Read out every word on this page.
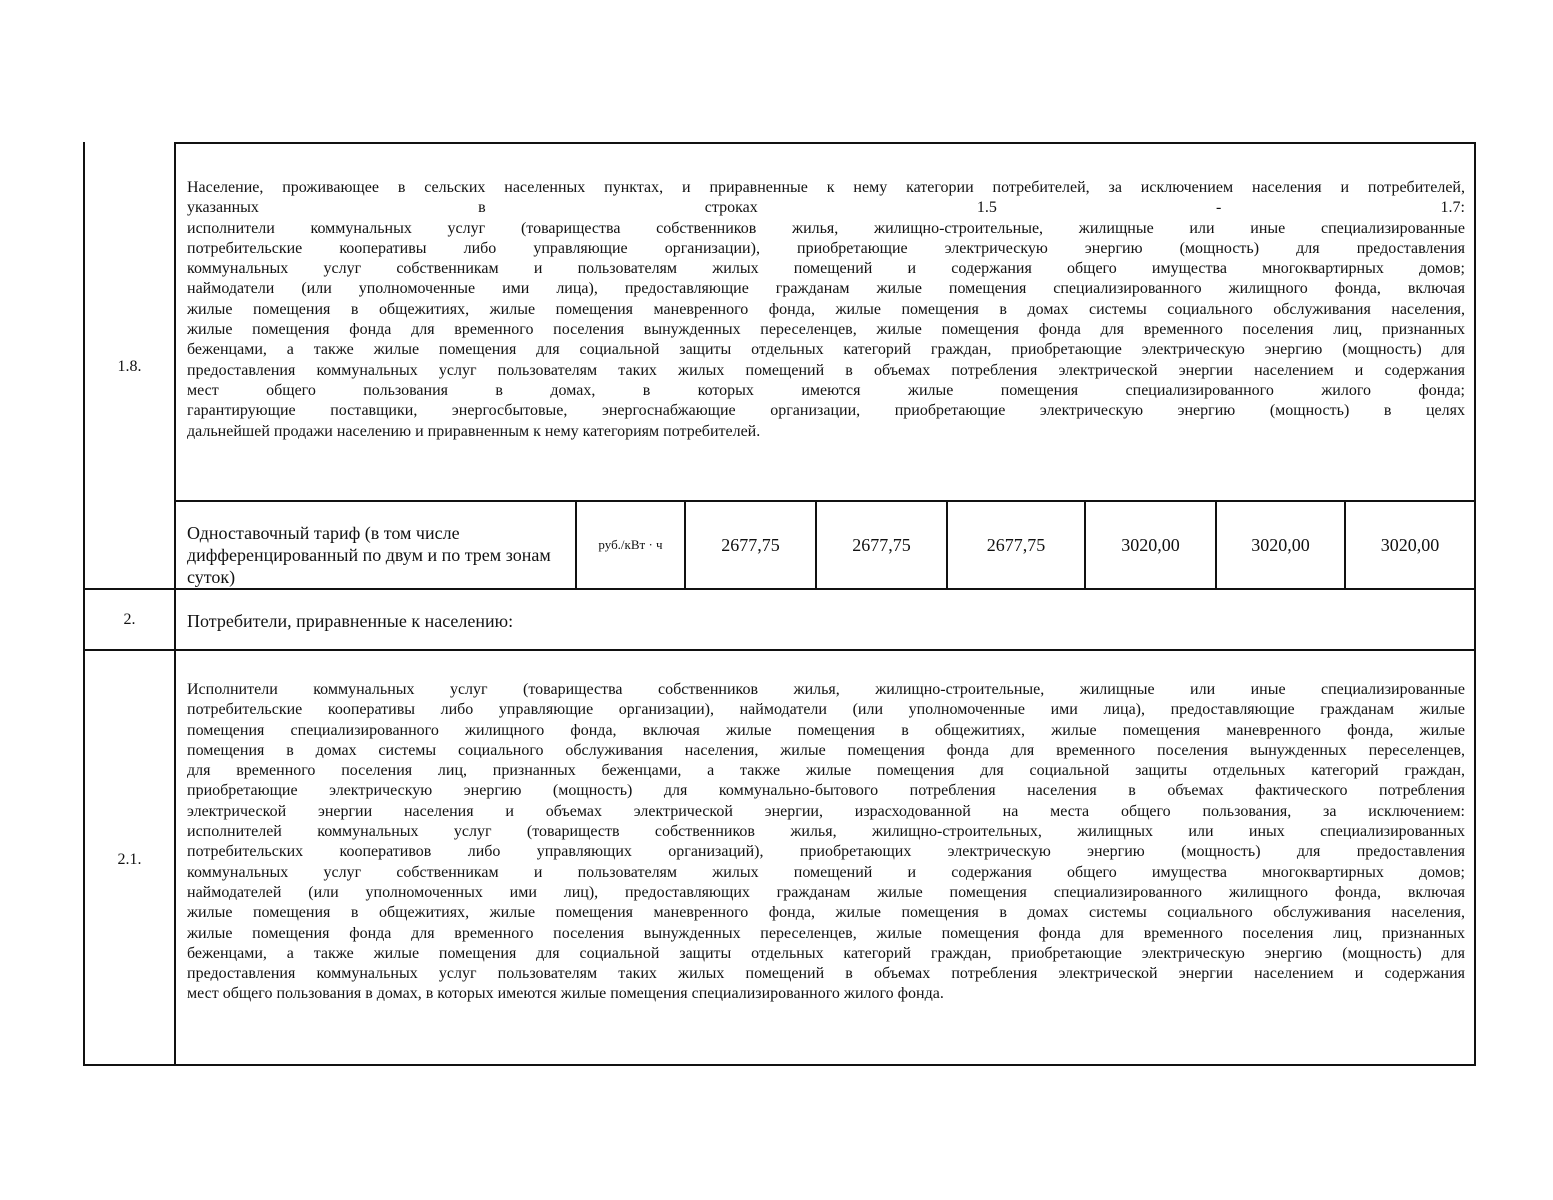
1.8.

Население, проживающее в сельских населенных пунктах, и приравненные к нему категории потребителей, за исключением населения и потребителей,

указанных в строках 1.5 - 1.7:

исполнители коммунальных услуг (товарищества собственников жилья, жилищно-строительные, жилищные или иные специализированные

потребительские кооперативы либо управляющие организации), приобретающие электрическую энергию (мощность) для предоставления

коммунальных услуг собственникам и пользователям жилых помещений и содержания общего имущества многоквартирных домов;

наймодатели (или уполномоченные ими лица), предоставляющие гражданам жилые помещения специализированного жилищного фонда, включая

жилые помещения в общежитиях, жилые помещения маневренного фонда, жилые помещения в домах системы социального обслуживания населения,

жилые помещения фонда для временного поселения вынужденных переселенцев, жилые помещения фонда для временного поселения лиц, признанных

беженцами, а также жилые помещения для социальной защиты отдельных категорий граждан, приобретающие электрическую энергию (мощность) для

предоставления коммунальных услуг пользователям таких жилых помещений в объемах потребления электрической энергии населением и содержания

мест общего пользования в домах, в которых имеются жилые помещения специализированного жилого фонда;

гарантирующие поставщики, энергосбытовые, энергоснабжающие организации, приобретающие электрическую энергию (мощность) в целях

дальнейшей продажи населению и приравненным к нему категориям потребителей.

Одноставочный тариф (в том числе дифференцированный по двум и по трем зонам суток)
руб./кВт · ч	2677,75	2677,75	2677,75	3020,00	3020,00	3020,00
2.	Потребители, приравненные к населению:
2.1.

Исполнители коммунальных услуг (товарищества собственников жилья, жилищно-строительные, жилищные или иные специализированные

потребительские кооперативы либо управляющие организации), наймодатели (или уполномоченные ими лица), предоставляющие гражданам жилые

помещения специализированного жилищного фонда, включая жилые помещения в общежитиях, жилые помещения маневренного фонда, жилые

помещения в домах системы социального обслуживания населения, жилые помещения фонда для временного поселения вынужденных переселенцев,

для временного поселения лиц, признанных беженцами, а также жилые помещения для социальной защиты отдельных категорий граждан,

приобретающие электрическую энергию (мощность) для коммунально-бытового потребления населения в объемах фактического потребления

электрической энергии населения и объемах электрической энергии, израсходованной на места общего пользования, за исключением:

исполнителей коммунальных услуг (товариществ собственников жилья, жилищно-строительных, жилищных или иных специализированных

потребительских кооперативов либо управляющих организаций), приобретающих электрическую энергию (мощность) для предоставления

коммунальных услуг собственникам и пользователям жилых помещений и содержания общего имущества многоквартирных домов;

наймодателей (или уполномоченных ими лиц), предоставляющих гражданам жилые помещения специализированного жилищного фонда, включая

жилые помещения в общежитиях, жилые помещения маневренного фонда, жилые помещения в домах системы социального обслуживания населения,

жилые помещения фонда для временного поселения вынужденных переселенцев, жилые помещения фонда для временного поселения лиц, признанных

беженцами, а также жилые помещения для социальной защиты отдельных категорий граждан, приобретающие электрическую энергию (мощность) для

предоставления коммунальных услуг пользователям таких жилых помещений в объемах потребления электрической энергии населением и содержания

мест общего пользования в домах, в которых имеются жилые помещения специализированного жилого фонда.
